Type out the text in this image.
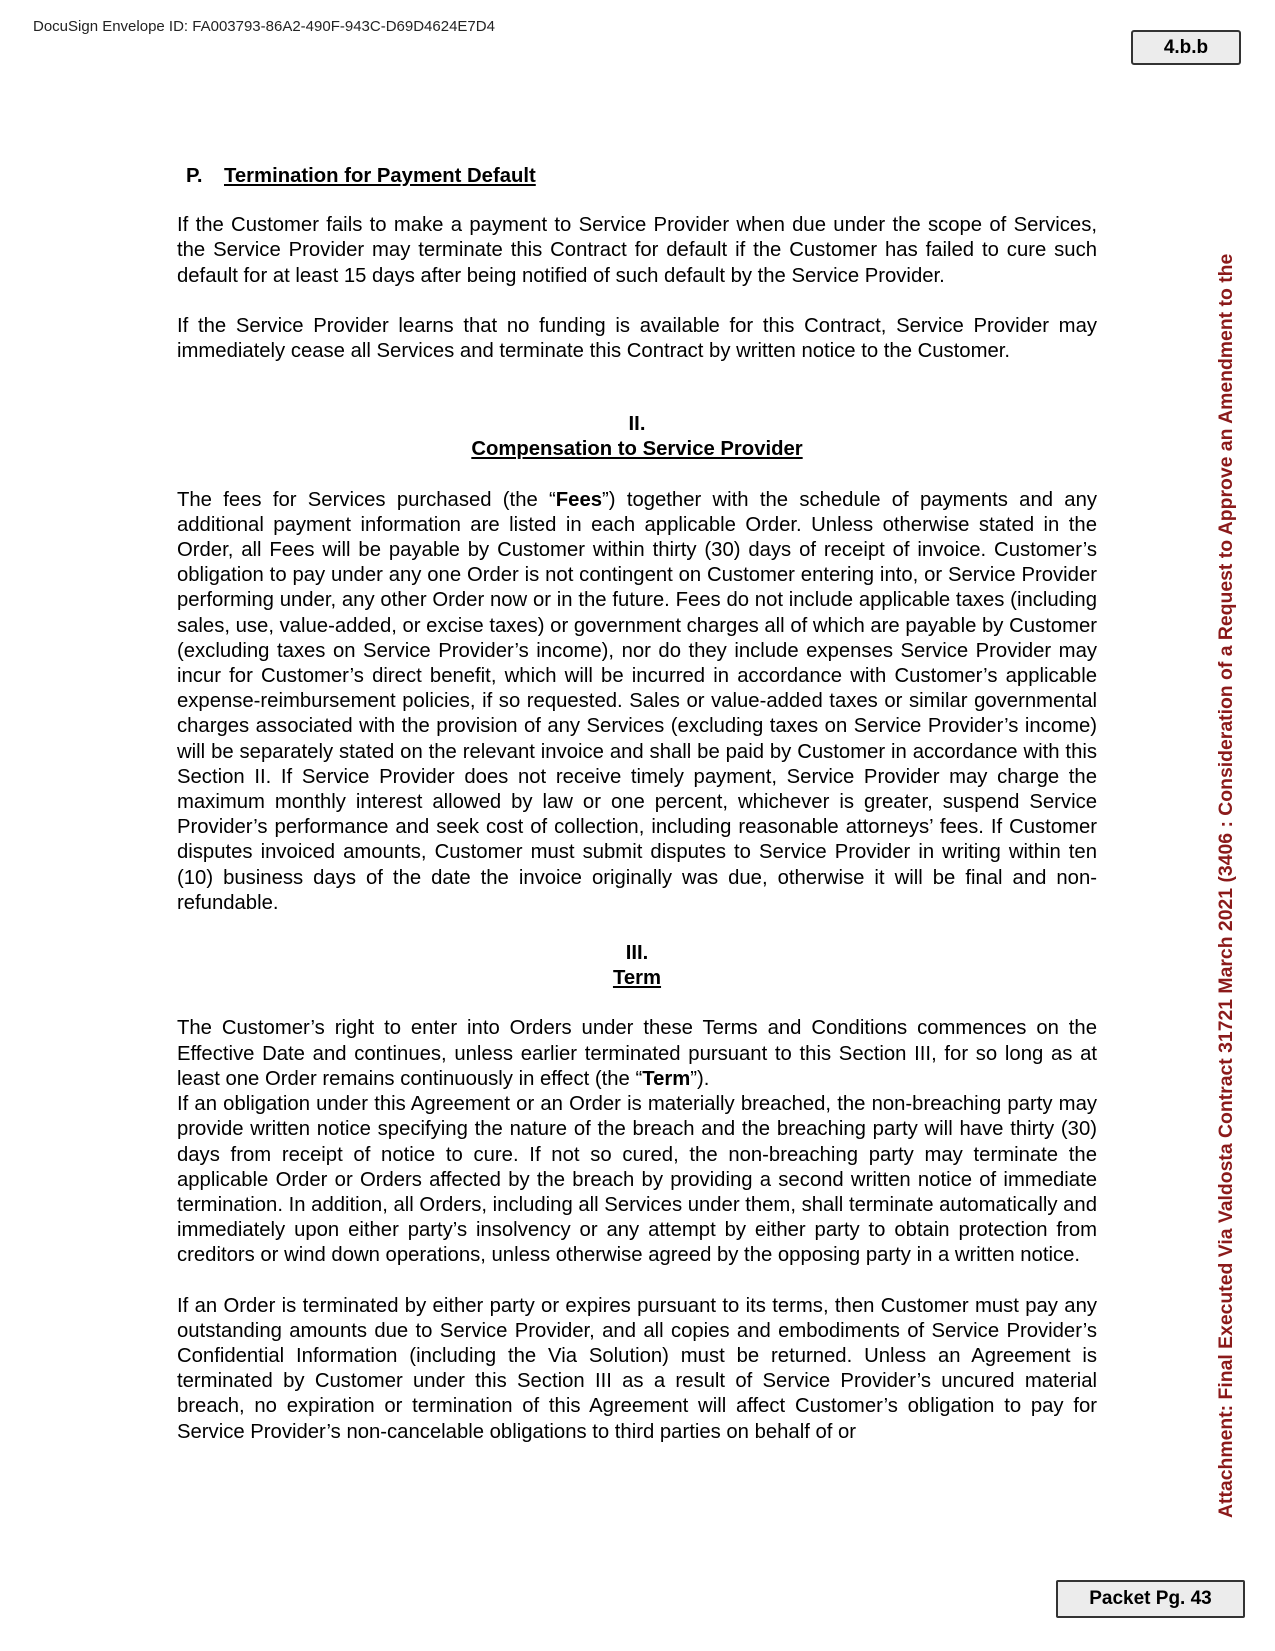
DocuSign Envelope ID: FA003793-86A2-490F-943C-D69D4624E7D4
4.b.b
Attachment: Final Executed Via Valdosta Contract 31721 March 2021 (3406 : Consideration of a Request to Approve an Amendment to the
P. Termination for Payment Default

If the Customer fails to make a payment to Service Provider when due under the scope of Services, the Service Provider may terminate this Contract for default if the Customer has failed to cure such default for at least 15 days after being notified of such default by the Service Provider.

If the Service Provider learns that no funding is available for this Contract, Service Provider may immediately cease all Services and terminate this Contract by written notice to the Customer.

II.

Compensation to Service Provider

The fees for Services purchased (the “Fees”) together with the schedule of payments and any additional payment information are listed in each applicable Order. Unless otherwise stated in the Order, all Fees will be payable by Customer within thirty (30) days of receipt of invoice. Customer’s obligation to pay under any one Order is not contingent on Customer entering into, or Service Provider performing under, any other Order now or in the future. Fees do not include applicable taxes (including sales, use, value-added, or excise taxes) or government charges all of which are payable by Customer (excluding taxes on Service Provider’s income), nor do they include expenses Service Provider may incur for Customer’s direct benefit, which will be incurred in accordance with Customer’s applicable expense-reimbursement policies, if so requested. Sales or value-added taxes or similar governmental charges associated with the provision of any Services (excluding taxes on Service Provider’s income) will be separately stated on the relevant invoice and shall be paid by Customer in accordance with this Section II. If Service Provider does not receive timely payment, Service Provider may charge the maximum monthly interest allowed by law or one percent, whichever is greater, suspend Service Provider’s performance and seek cost of collection, including reasonable attorneys’ fees. If Customer disputes invoiced amounts, Customer must submit disputes to Service Provider in writing within ten (10) business days of the date the invoice originally was due, otherwise it will be final and non-refundable.

III.

Term

The Customer’s right to enter into Orders under these Terms and Conditions commences on the Effective Date and continues, unless earlier terminated pursuant to this Section III, for so long as at least one Order remains continuously in effect (the “Term”).

If an obligation under this Agreement or an Order is materially breached, the non-breaching party may provide written notice specifying the nature of the breach and the breaching party will have thirty (30) days from receipt of notice to cure. If not so cured, the non-breaching party may terminate the applicable Order or Orders affected by the breach by providing a second written notice of immediate termination. In addition, all Orders, including all Services under them, shall terminate automatically and immediately upon either party’s insolvency or any attempt by either party to obtain protection from creditors or wind down operations, unless otherwise agreed by the opposing party in a written notice.

If an Order is terminated by either party or expires pursuant to its terms, then Customer must pay any outstanding amounts due to Service Provider, and all copies and embodiments of Service Provider’s Confidential Information (including the Via Solution) must be returned. Unless an Agreement is terminated by Customer under this Section III as a result of Service Provider’s uncured material breach, no expiration or termination of this Agreement will affect Customer’s obligation to pay for Service Provider’s non-cancelable obligations to third parties on behalf of or

Packet Pg. 43
